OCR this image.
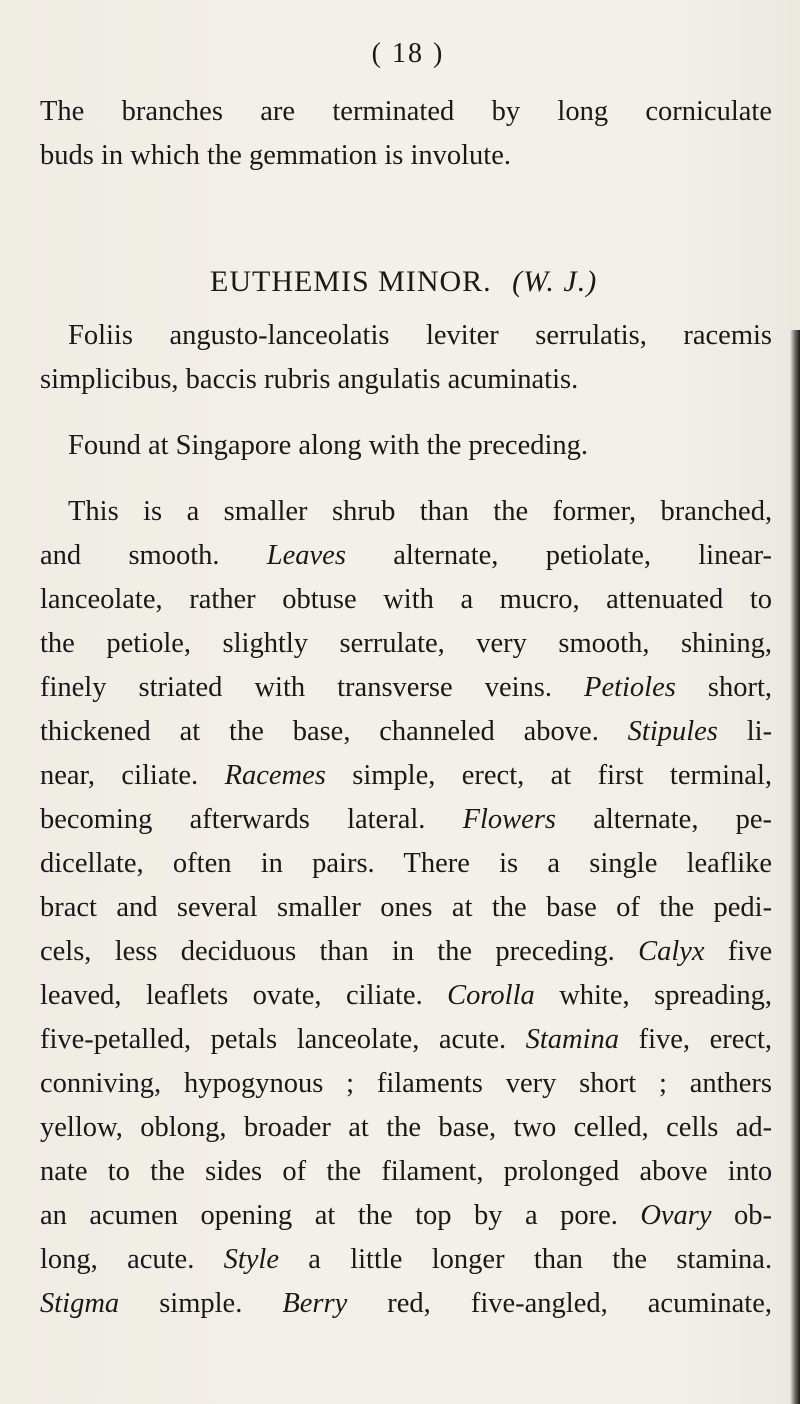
( 18 )
The branches are terminated by long corniculate
buds in which the gemmation is involute.
EUTHEMIS MINOR. (W. J.)
Foliis angusto-lanceolatis leviter serrulatis, racemis
simplicibus, baccis rubris angulatis acuminatis.
Found at Singapore along with the preceding.
This is a smaller shrub than the former, branched,
and smooth. Leaves alternate, petiolate, linear-
lanceolate, rather obtuse with a mucro, attenuated to
the petiole, slightly serrulate, very smooth, shining,
finely striated with transverse veins. Petioles short,
thickened at the base, channeled above. Stipules li-
near, ciliate. Racemes simple, erect, at first terminal,
becoming afterwards lateral. Flowers alternate, pe-
dicellate, often in pairs. There is a single leaflike
bract and several smaller ones at the base of the pedi-
cels, less deciduous than in the preceding. Calyx five
leaved, leaflets ovate, ciliate. Corolla white, spreading,
five-petalled, petals lanceolate, acute. Stamina five, erect,
conniving, hypogynous ; filaments very short ; anthers
yellow, oblong, broader at the base, two celled, cells ad-
nate to the sides of the filament, prolonged above into
an acumen opening at the top by a pore. Ovary ob-
long, acute. Style a little longer than the stamina.
Stigma simple. Berry red, five-angled, acuminate,
